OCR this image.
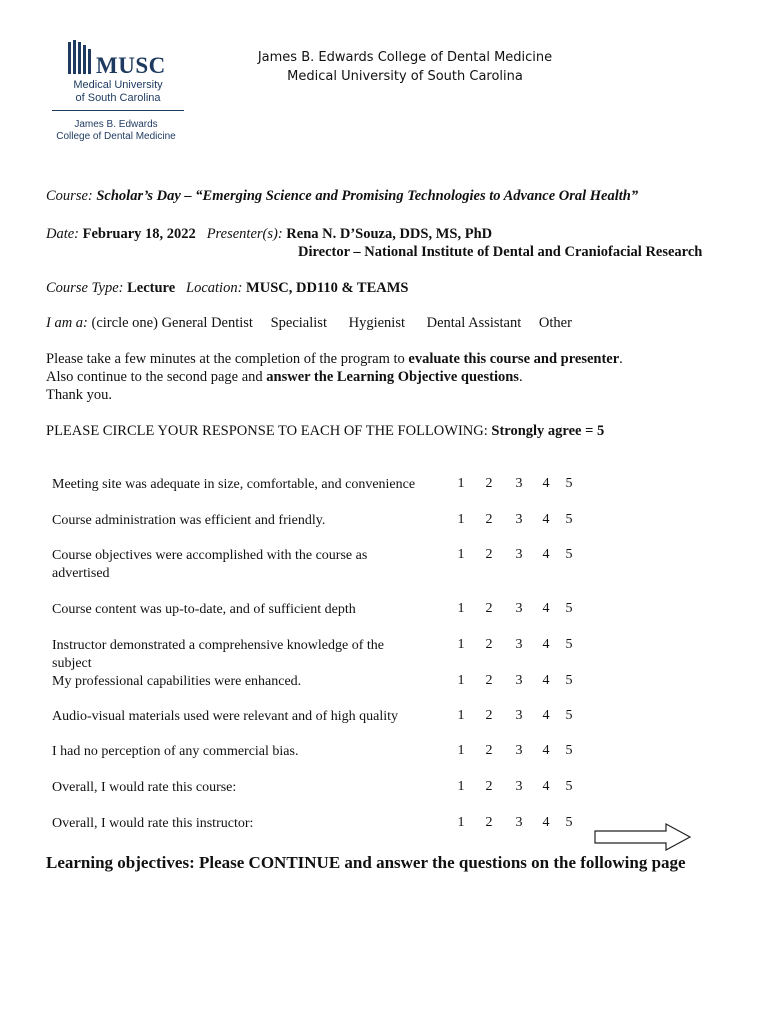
MUSC
Medical University
of South Carolina
James B. Edwards
College of Dental Medicine
James B. Edwards College of Dental Medicine
Medical University of South Carolina
Course: Scholar’s Day – “Emerging Science and Promising Technologies to Advance Oral Health”
Date: February 18, 2022 Presenter(s): Rena N. D’Souza, DDS, MS, PhD
Director – National Institute of Dental and Craniofacial Research
Course Type: Lecture Location: MUSC, DD110 & TEAMS
I am a: (circle one) General Dentist Specialist Hygienist Dental Assistant Other
Please take a few minutes at the completion of the program to evaluate this course and presenter.
Also continue to the second page and answer the Learning Objective questions.
Thank you.
PLEASE CIRCLE YOUR RESPONSE TO EACH OF THE FOLLOWING: Strongly agree = 5
Meeting site was adequate in size, comfortable, and convenience	1	2	3	4	5
Course administration was efficient and friendly.	1	2	3	4	5
Course objectives were accomplished with the course as advertised
1	2	3	4	5
Course content was up-to-date, and of sufficient depth	1	2	3	4	5
Instructor demonstrated a comprehensive knowledge of the subject
1	2	3	4	5
My professional capabilities were enhanced.	1	2	3	4	5
Audio-visual materials used were relevant and of high quality	1	2	3	4	5
I had no perception of any commercial bias.	1	2	3	4	5
Overall, I would rate this course:	1	2	3	4	5
Overall, I would rate this instructor:	1	2	3	4	5
Learning objectives: Please CONTINUE and answer the questions on the following page
